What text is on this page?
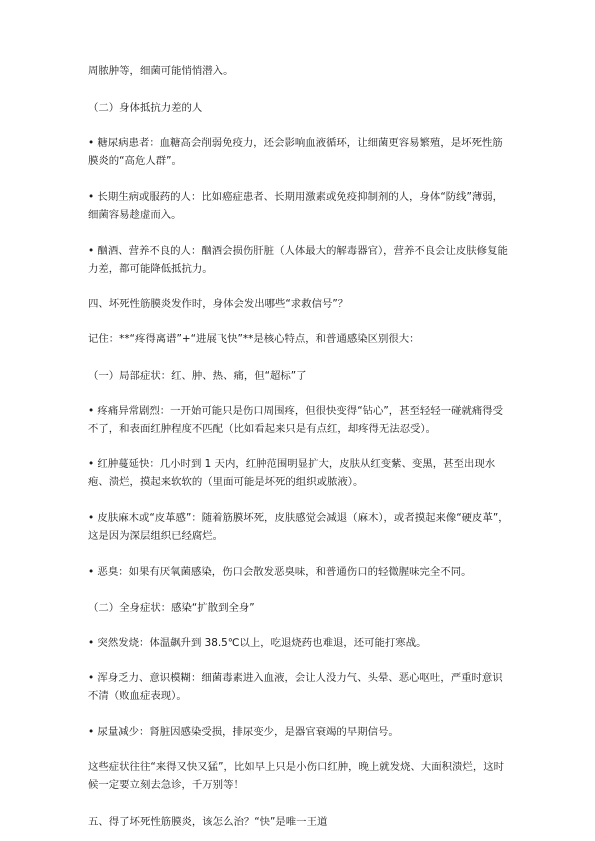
周脓肿等，细菌可能悄悄潜入。

（二）身体抵抗力差的人

• 糖尿病患者：血糖高会削弱免疫力，还会影响血液循环，让细菌更容易繁殖，是坏死性筋膜炎的“高危人群”。

• 长期生病或服药的人：比如癌症患者、长期用激素或免疫抑制剂的人，身体“防线”薄弱，细菌容易趁虚而入。

• 酗酒、营养不良的人：酗酒会损伤肝脏（人体最大的解毒器官），营养不良会让皮肤修复能力差，都可能降低抵抗力。

四、坏死性筋膜炎发作时，身体会发出哪些“求救信号”？

记住：**“疼得离谱”+“进展飞快”**是核心特点，和普通感染区别很大：

（一）局部症状：红、肿、热、痛，但“超标”了

• 疼痛异常剧烈：一开始可能只是伤口周围疼，但很快变得“钻心”，甚至轻轻一碰就痛得受不了，和表面红肿程度不匹配（比如看起来只是有点红，却疼得无法忍受）。

• 红肿蔓延快：几小时到 1 天内，红肿范围明显扩大，皮肤从红变紫、变黑，甚至出现水疱、溃烂，摸起来软软的（里面可能是坏死的组织或脓液）。

• 皮肤麻木或“皮革感”：随着筋膜坏死，皮肤感觉会减退（麻木），或者摸起来像“硬皮革”，这是因为深层组织已经腐烂。

• 恶臭：如果有厌氧菌感染，伤口会散发恶臭味，和普通伤口的轻微腥味完全不同。

（二）全身症状：感染“扩散到全身”

• 突然发烧：体温飙升到 38.5℃以上，吃退烧药也难退，还可能打寒战。

• 浑身乏力、意识模糊：细菌毒素进入血液，会让人没力气、头晕、恶心呕吐，严重时意识不清（败血症表现）。

• 尿量减少：肾脏因感染受损，排尿变少，是器官衰竭的早期信号。

这些症状往往“来得又快又猛”，比如早上只是小伤口红肿，晚上就发烧、大面积溃烂，这时候一定要立刻去急诊，千万别等！

五、得了坏死性筋膜炎，该怎么治？“快”是唯一王道
